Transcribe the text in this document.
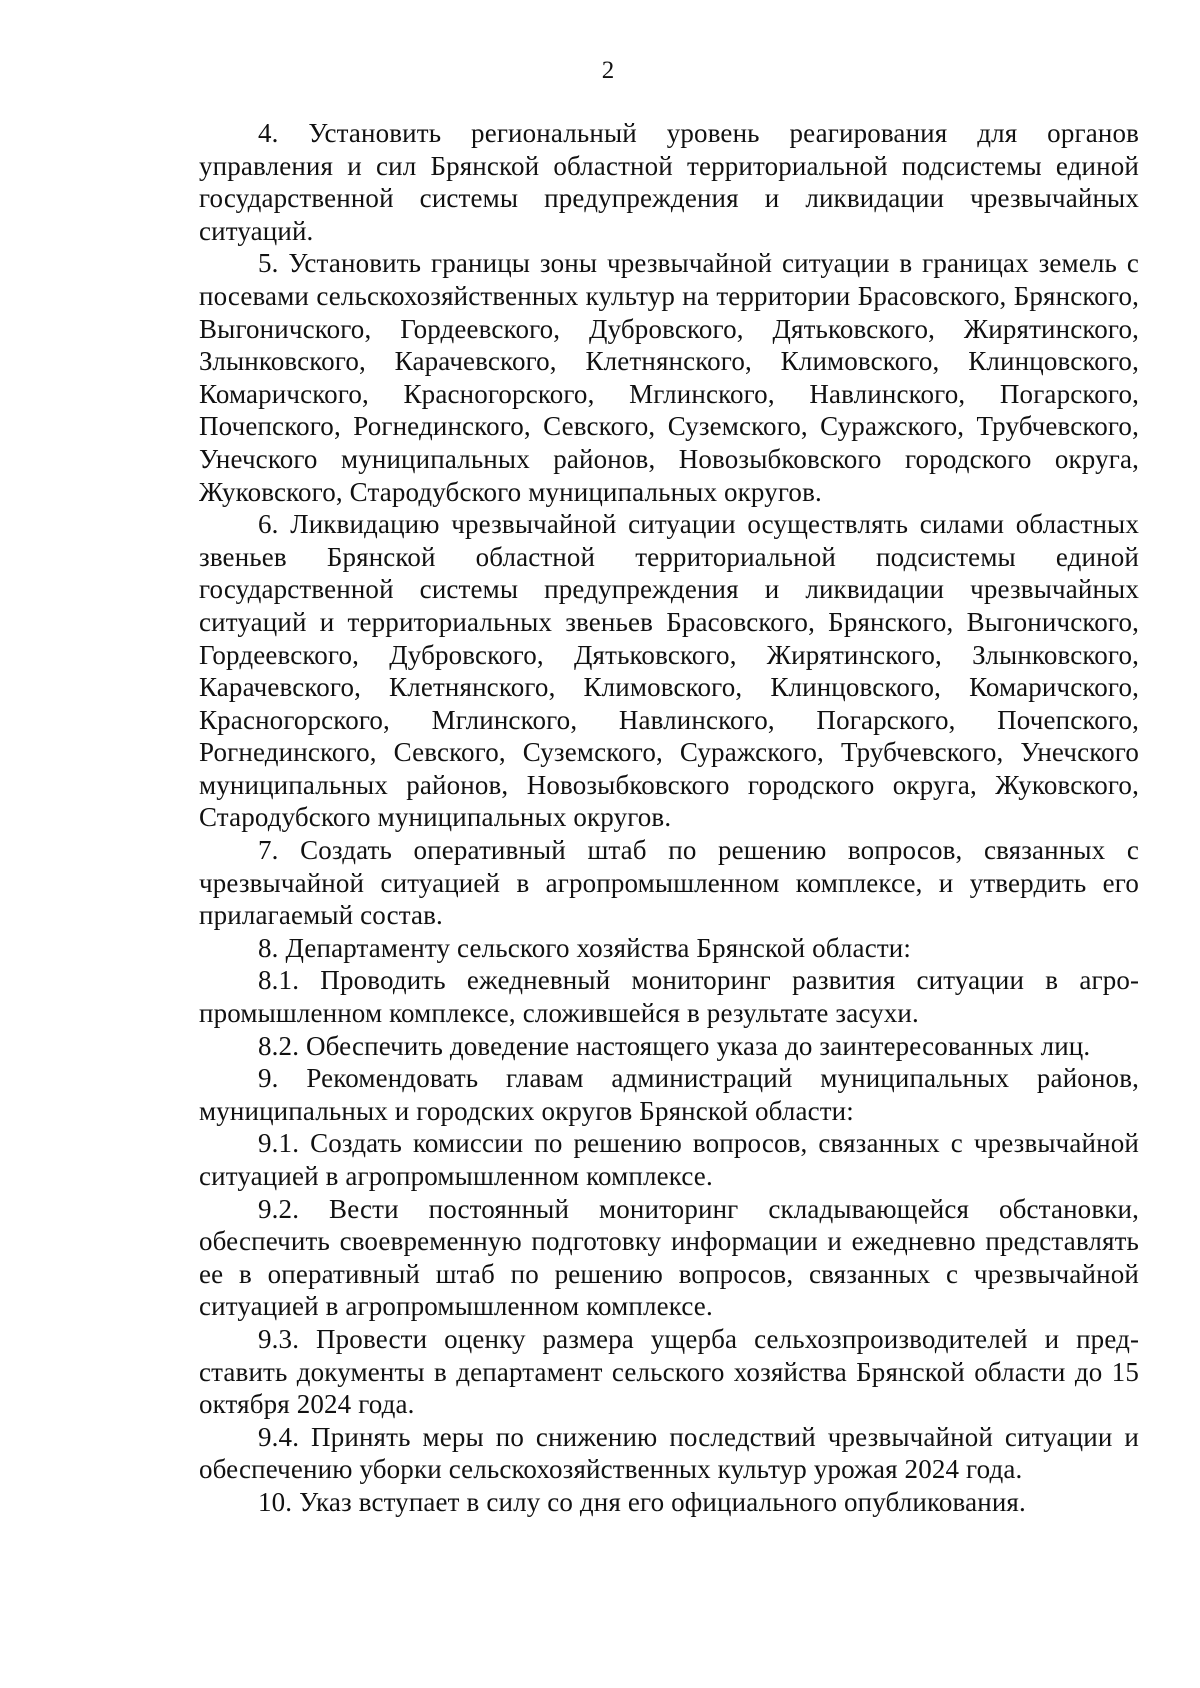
2

4. Установить региональный уровень реагирования для органов управления и сил Брянской областной территориальной подсистемы единой государственной системы предупреждения и ликвидации чрезвычайных ситуаций.

5. Установить границы зоны чрезвычайной ситуации в границах земель с посевами сельскохозяйственных культур на территории Брасовского, Брянского, Выгоничского, Гордеевского, Дубровского, Дятьковского, Жирятинского, Злынковского, Карачевского, Клетнянского, Климовского, Клинцовского, Комаричского, Красногорского, Мглинского, Навлинского, Погарского, Почепского, Рогнединского, Севского, Суземского, Суражского, Трубчевского, Унечского муниципальных районов, Новозыбковского городского округа, Жуковского, Стародубского муниципальных округов.

6. Ликвидацию чрезвычайной ситуации осуществлять силами областных звеньев Брянской областной территориальной подсистемы единой государственной системы предупреждения и ликвидации чрезвычайных ситуаций и территориальных звеньев Брасовского, Брянского, Выгоничского, Гордеевского, Дубровского, Дятьковского, Жирятинского, Злынковского, Карачевского, Клетнянского, Климовского, Клинцовского, Комаричского, Красногорского, Мглинского, Навлинского, Погарского, Почепского, Рогнединского, Севского, Суземского, Суражского, Трубчевского, Унечского муниципальных районов, Новозыбковского городского округа, Жуковского, Стародубского муниципальных округов.

7. Создать оперативный штаб по решению вопросов, связанных с чрезвычайной ситуацией в агропромышленном комплексе, и утвердить его прилагаемый состав.

8. Департаменту сельского хозяйства Брянской области:

8.1. Проводить ежедневный мониторинг развития ситуации в агропромышленном комплексе, сложившейся в результате засухи.

8.2. Обеспечить доведение настоящего указа до заинтересованных лиц.

9. Рекомендовать главам администраций муниципальных районов, муниципальных и городских округов Брянской области:

9.1. Создать комиссии по решению вопросов, связанных с чрезвычайной ситуацией в агропромышленном комплексе.

9.2. Вести постоянный мониторинг складывающейся обстановки, обеспечить своевременную подготовку информации и ежедневно представлять ее в оперативный штаб по решению вопросов, связанных с чрезвычайной ситуацией в агропромышленном комплексе.

9.3. Провести оценку размера ущерба сельхозпроизводителей и представить документы в департамент сельского хозяйства Брянской области до 15 октября 2024 года.

9.4. Принять меры по снижению последствий чрезвычайной ситуации и обеспечению уборки сельскохозяйственных культур урожая 2024 года.

10. Указ вступает в силу со дня его официального опубликования.
